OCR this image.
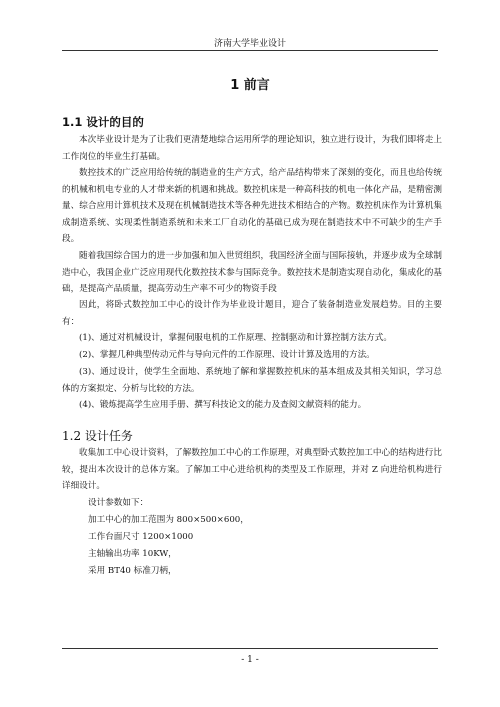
济南大学毕业设计
1 前言
1.1 设计的目的
本次毕业设计是为了让我们更清楚地综合运用所学的理论知识，独立进行设计，为我们即将走上工作岗位的毕业生打基础。
数控技术的广泛应用给传统的制造业的生产方式，给产品结构带来了深刻的变化，而且也给传统的机械和机电专业的人才带来新的机遇和挑战。数控机床是一种高科技的机电一体化产品，是精密测量、综合应用计算机技术及现在机械制造技术等各种先进技术相结合的产物。数控机床作为计算机集成制造系统、实现柔性制造系统和未来工厂自动化的基础已成为现在制造技术中不可缺少的生产手段。
随着我国综合国力的进一步加强和加入世贸组织，我国经济全面与国际接轨，并逐步成为全球制造中心，我国企业广泛应用现代化数控技术参与国际竞争。数控技术是制造实现自动化，集成化的基础，是提高产品质量，提高劳动生产率不可少的物资手段
因此，将卧式数控加工中心的设计作为毕业设计题目，迎合了装备制造业发展趋势。目的主要有：
(1)、通过对机械设计，掌握伺服电机的工作原理、控制驱动和计算控制方法方式。
(2)、掌握几种典型传动元件与导向元件的工作原理、设计计算及选用的方法。
(3)、通过设计，使学生全面地、系统地了解和掌握数控机床的基本组成及其相关知识，学习总体的方案拟定、分析与比较的方法。
(4)、锻炼提高学生应用手册、撰写科技论文的能力及查阅文献资料的能力。
1.2 设计任务
收集加工中心设计资料，了解数控加工中心的工作原理，对典型卧式数控加工中心的结构进行比较，提出本次设计的总体方案。了解加工中心进给机构的类型及工作原理，并对 Z 向进给机构进行详细设计。
设计参数如下：
加工中心的加工范围为 800×500×600，
工作台面尺寸 1200×1000
主轴输出功率 10KW，
采用 BT40 标准刀柄，
- 1 -
